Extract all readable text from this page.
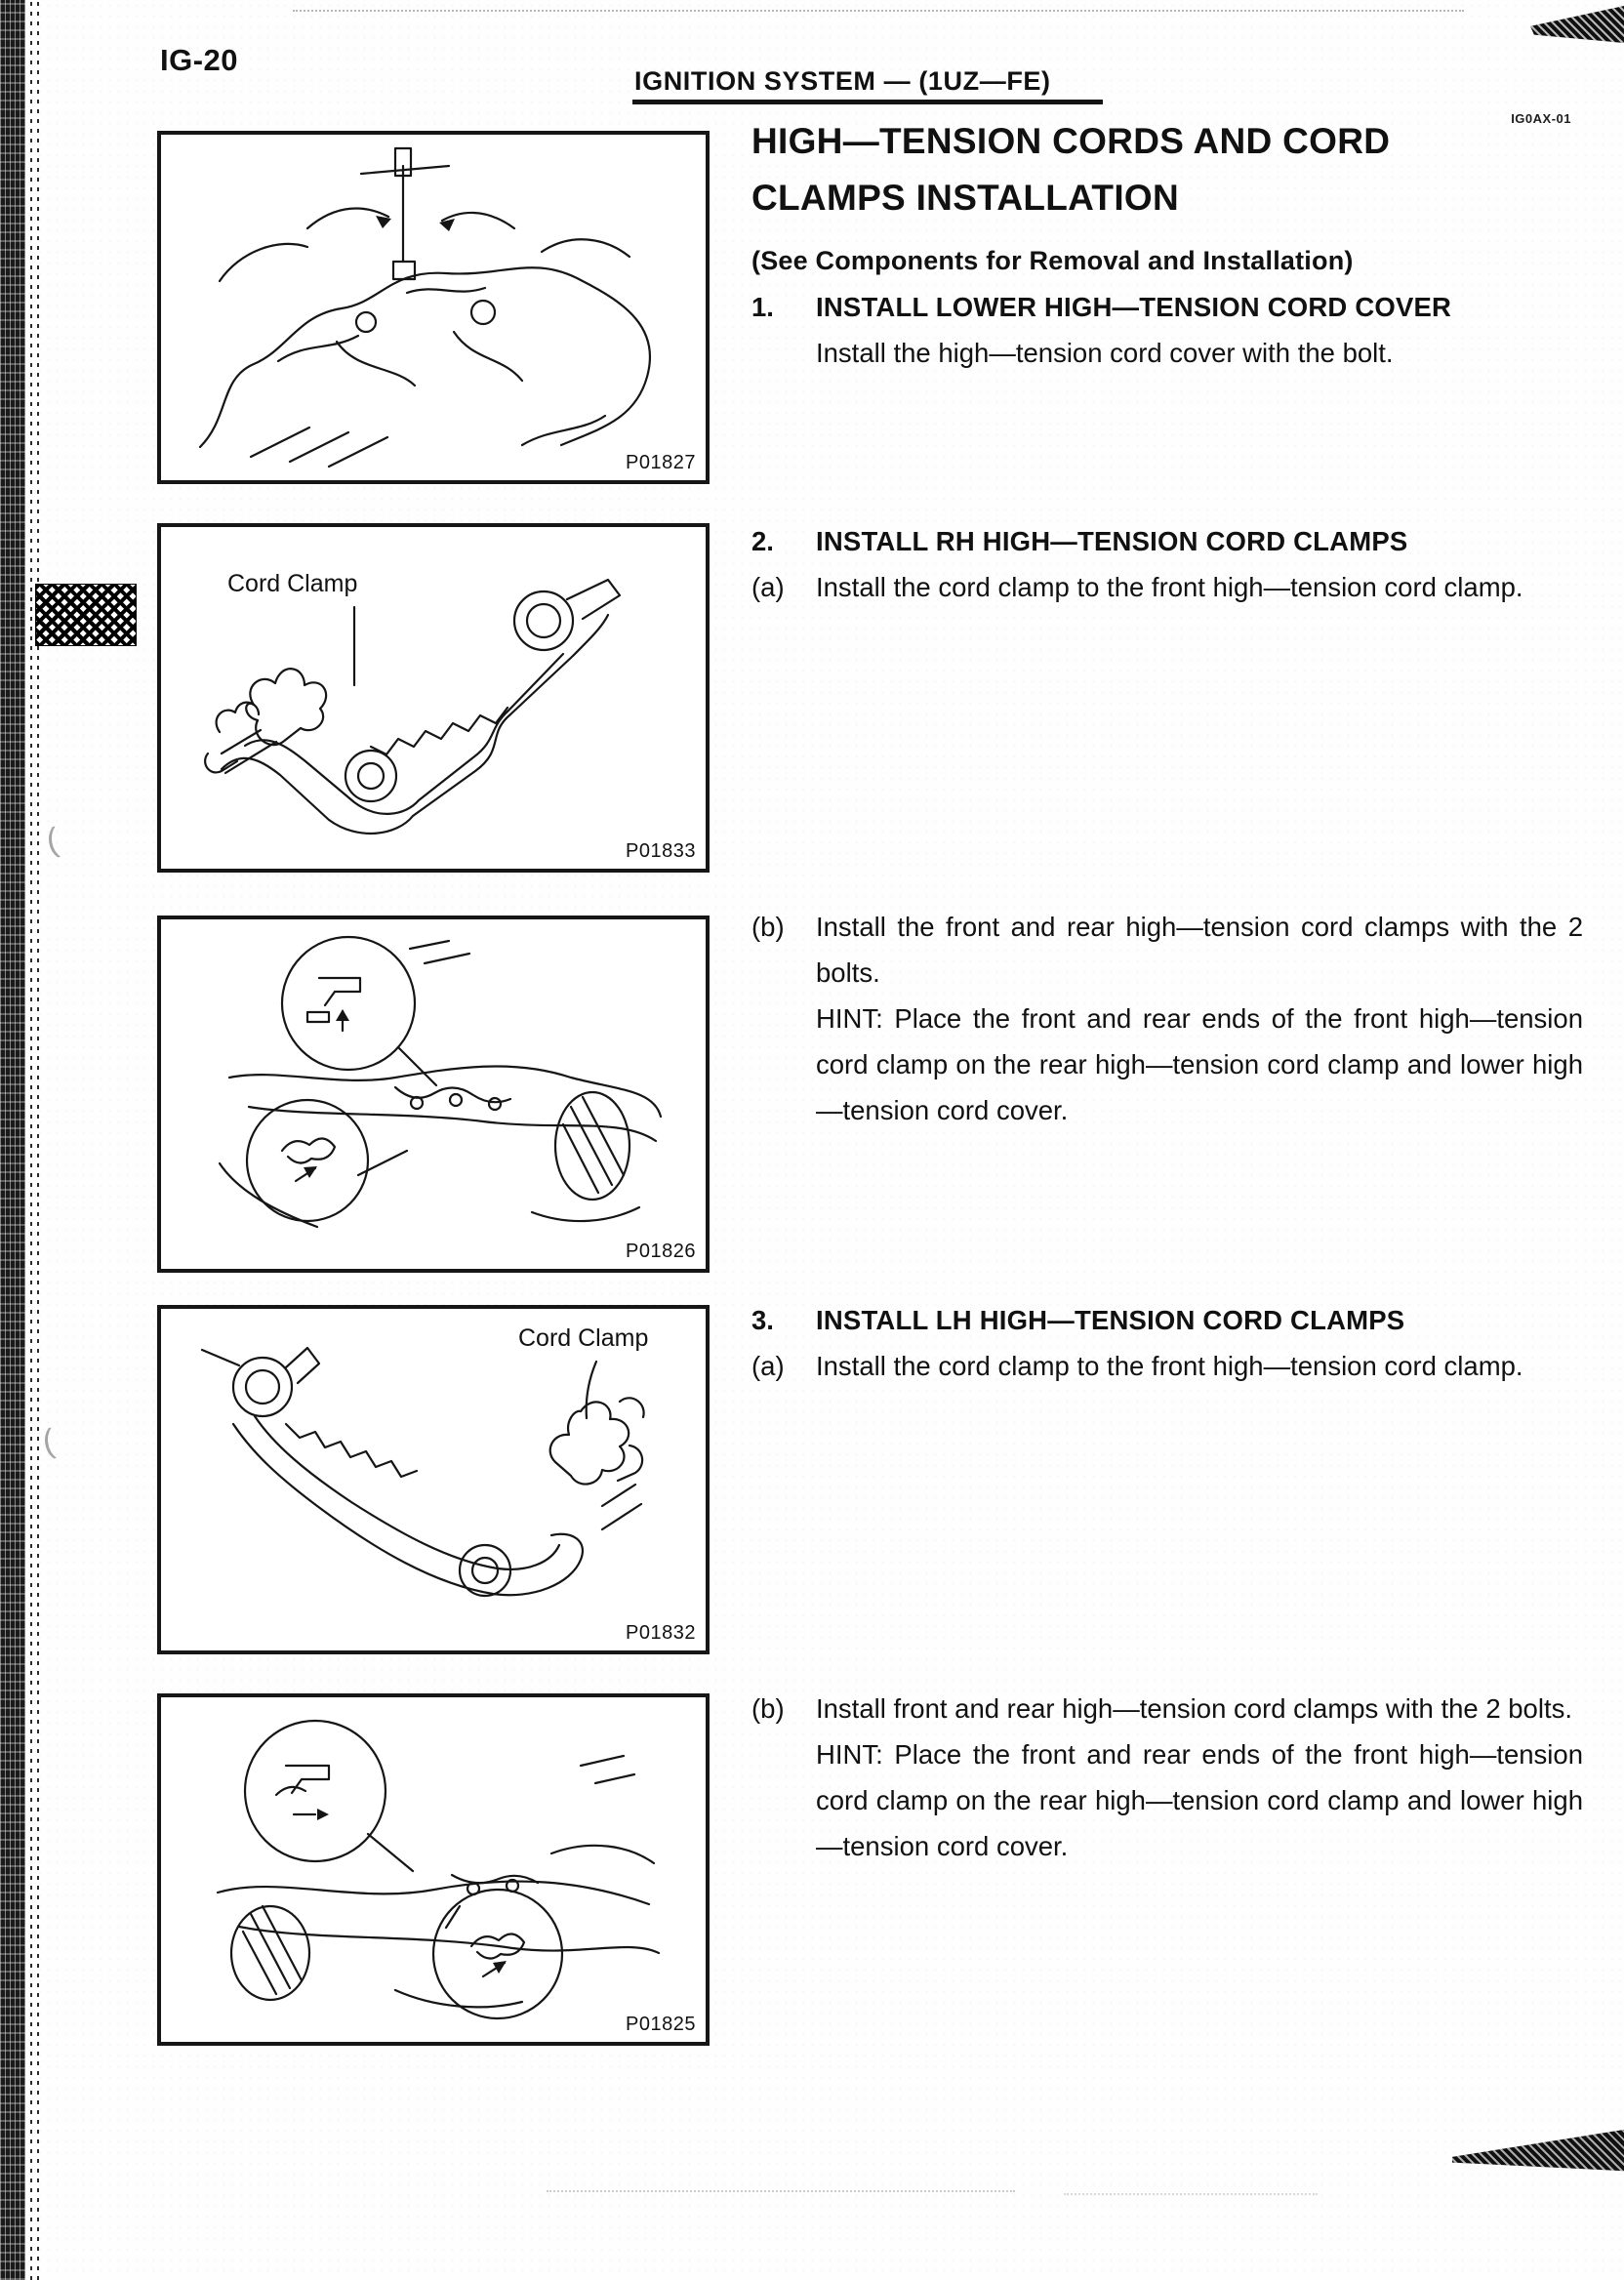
(
(
IG-20
IGNITION SYSTEM — (1UZ—FE)
IG0AX-01
HIGH—TENSION CORDS AND CORD
CLAMPS INSTALLATION
(See Components for Removal and Installation)
1.	INSTALL LOWER HIGH—TENSION CORD COVER
Install the high—tension cord cover with the bolt.
2.	INSTALL RH HIGH—TENSION CORD CLAMPS
(a)	Install the cord clamp to the front high—tension cord clamp.
(b)	Install the front and rear high—tension cord clamps with the 2 bolts.
HINT: Place the front and rear ends of the front high—tension cord clamp on the rear high—tension cord clamp and lower high—tension cord cover.
3.	INSTALL LH HIGH—TENSION CORD CLAMPS
(a)	Install the cord clamp to the front high—tension cord clamp.
(b)	Install front and rear high—tension cord clamps with the 2 bolts.
HINT: Place the front and rear ends of the front high—tension cord clamp on the rear high—tension cord clamp and lower high—tension cord cover.
P01827
Cord Clamp
P01833
P01826
Cord Clamp
P01832
P01825
